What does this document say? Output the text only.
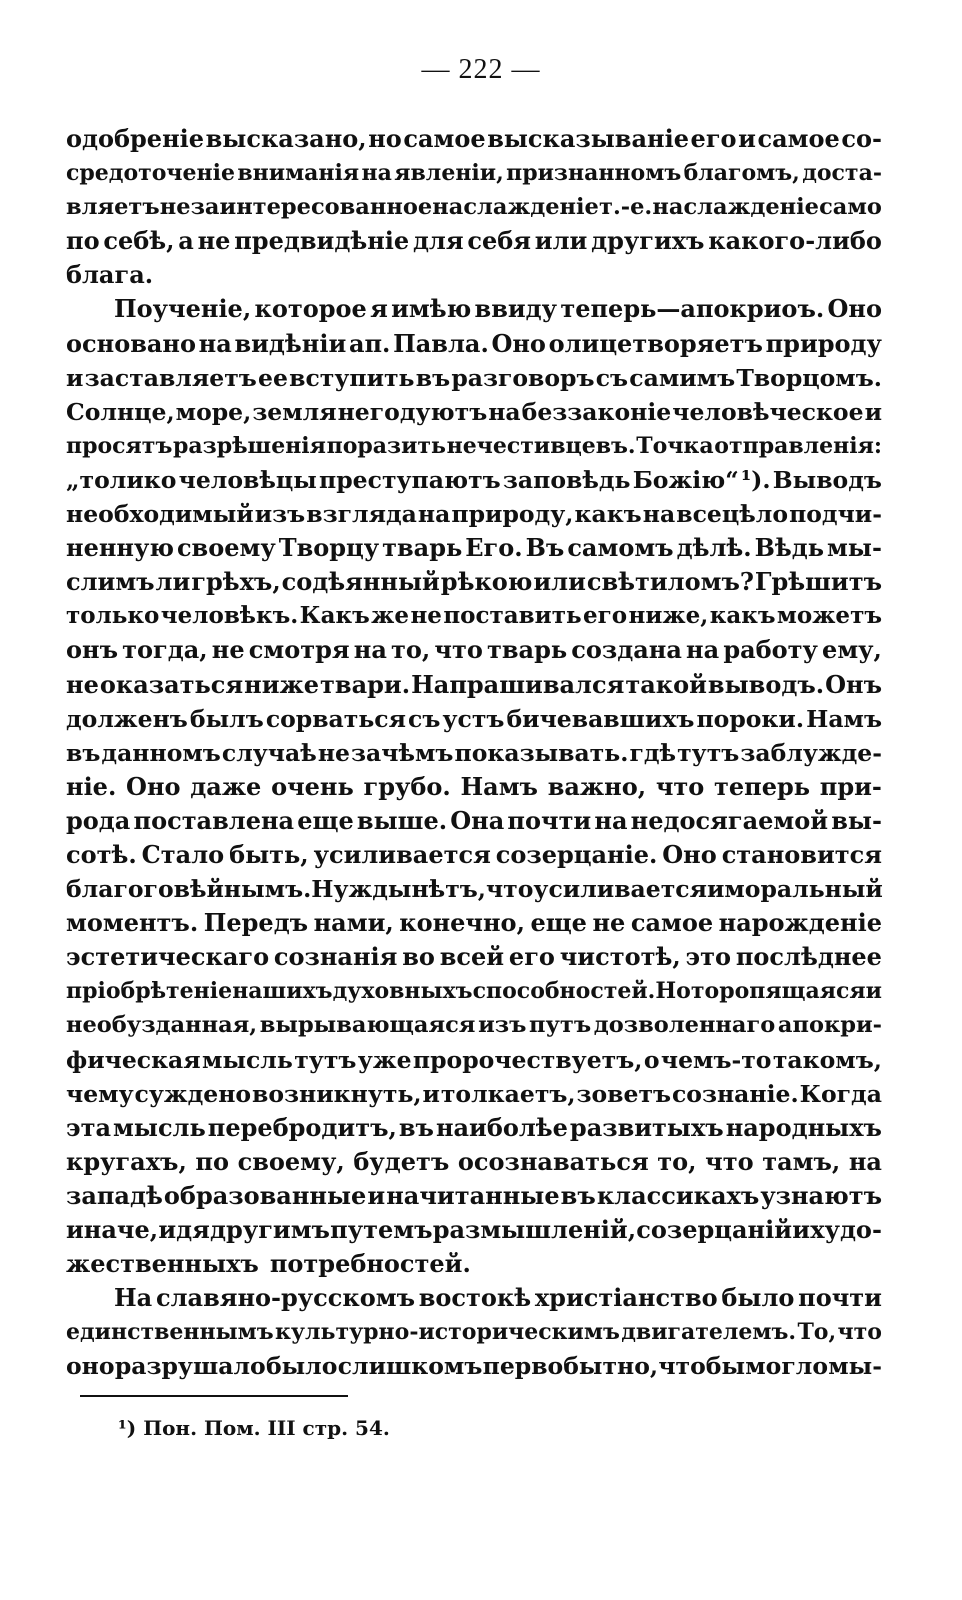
— 222 —
одобреніе высказано, но самое высказываніе его и самое со-
средоточеніе вниманія на явленіи, признанномъ благомъ, доста-
вляетъ незаинтересованное наслажденіе т.-е. наслажденіе само
по себѣ, а не предвидѣніе для себя или другихъ какого-либо
блага.
Поученіе, которое я имѣю ввиду теперь—апокриоъ. Оно
основано на видѣніи ап. Павла. Оно олицетворяетъ природу
и заставляетъ ее вступить въ разговоръ съ самимъ Творцомъ.
Солнце, море, земля негодуютъ на беззаконіе человѣческое и
просятъ разрѣшенія поразить нечестивцевъ. Точка отправленія:
„толико человѣцы преступаютъ заповѣдь Божію“ ¹). Выводъ
необходимый изъ взгляда на природу, какъ на всецѣло подчи-
ненную своему Творцу тварь Его. Въ самомъ дѣлѣ. Вѣдь мы-
слимъ ли грѣхъ, содѣянный рѣкою или свѣтиломъ? Грѣшитъ
только человѣкъ. Какъ же не поставить его ниже, какъ можетъ
онъ тогда, не смотря на то, что тварь создана на работу ему,
не оказаться ниже твари. Напрашивался такой выводъ. Онъ
долженъ былъ сорваться съ устъ бичевавшихъ пороки. Намъ
въ данномъ случаѣ не зачѣмъ показывать. гдѣ тутъ заблужде-
ніе. Оно даже очень грубо. Намъ важно, что теперь при-
рода поставлена еще выше. Она почти на недосягаемой вы-
сотѣ. Стало быть, усиливается созерцаніе. Оно становится
благоговѣйнымъ. Нужды нѣтъ, что усиливается и моральный
моментъ. Передъ нами, конечно, еще не самое нарожденіе
эстетическаго сознанія во всей его чистотѣ, это послѣднее
пріобрѣтеніе нашихъ духовныхъ способностей. Но торопящаяся и
необузданная, вырывающаяся изъ путъ дозволеннаго апокри-
фическая мысль тутъ уже пророчествуетъ, о чемъ-то такомъ,
чему суждено возникнуть, и толкаетъ, зоветъ сознаніе. Когда
эта мысль перебродитъ, въ наиболѣе развитыхъ народныхъ
кругахъ, по своему, будетъ осознаваться то, что тамъ, на
западѣ образованные и начитанные въ классикахъ узнаютъ
иначе, идя другимъ путемъ размышленій, созерцаній и худо-
жественныхъ потребностей.
На славяно-русскомъ востокѣ христіанство было почти
единственнымъ культурно-историческимъ двигателемъ. То, что
оно разрушало было слишкомъ первобытно, чтобы могло мы-
¹) Пон. Пом. III стр. 54.
